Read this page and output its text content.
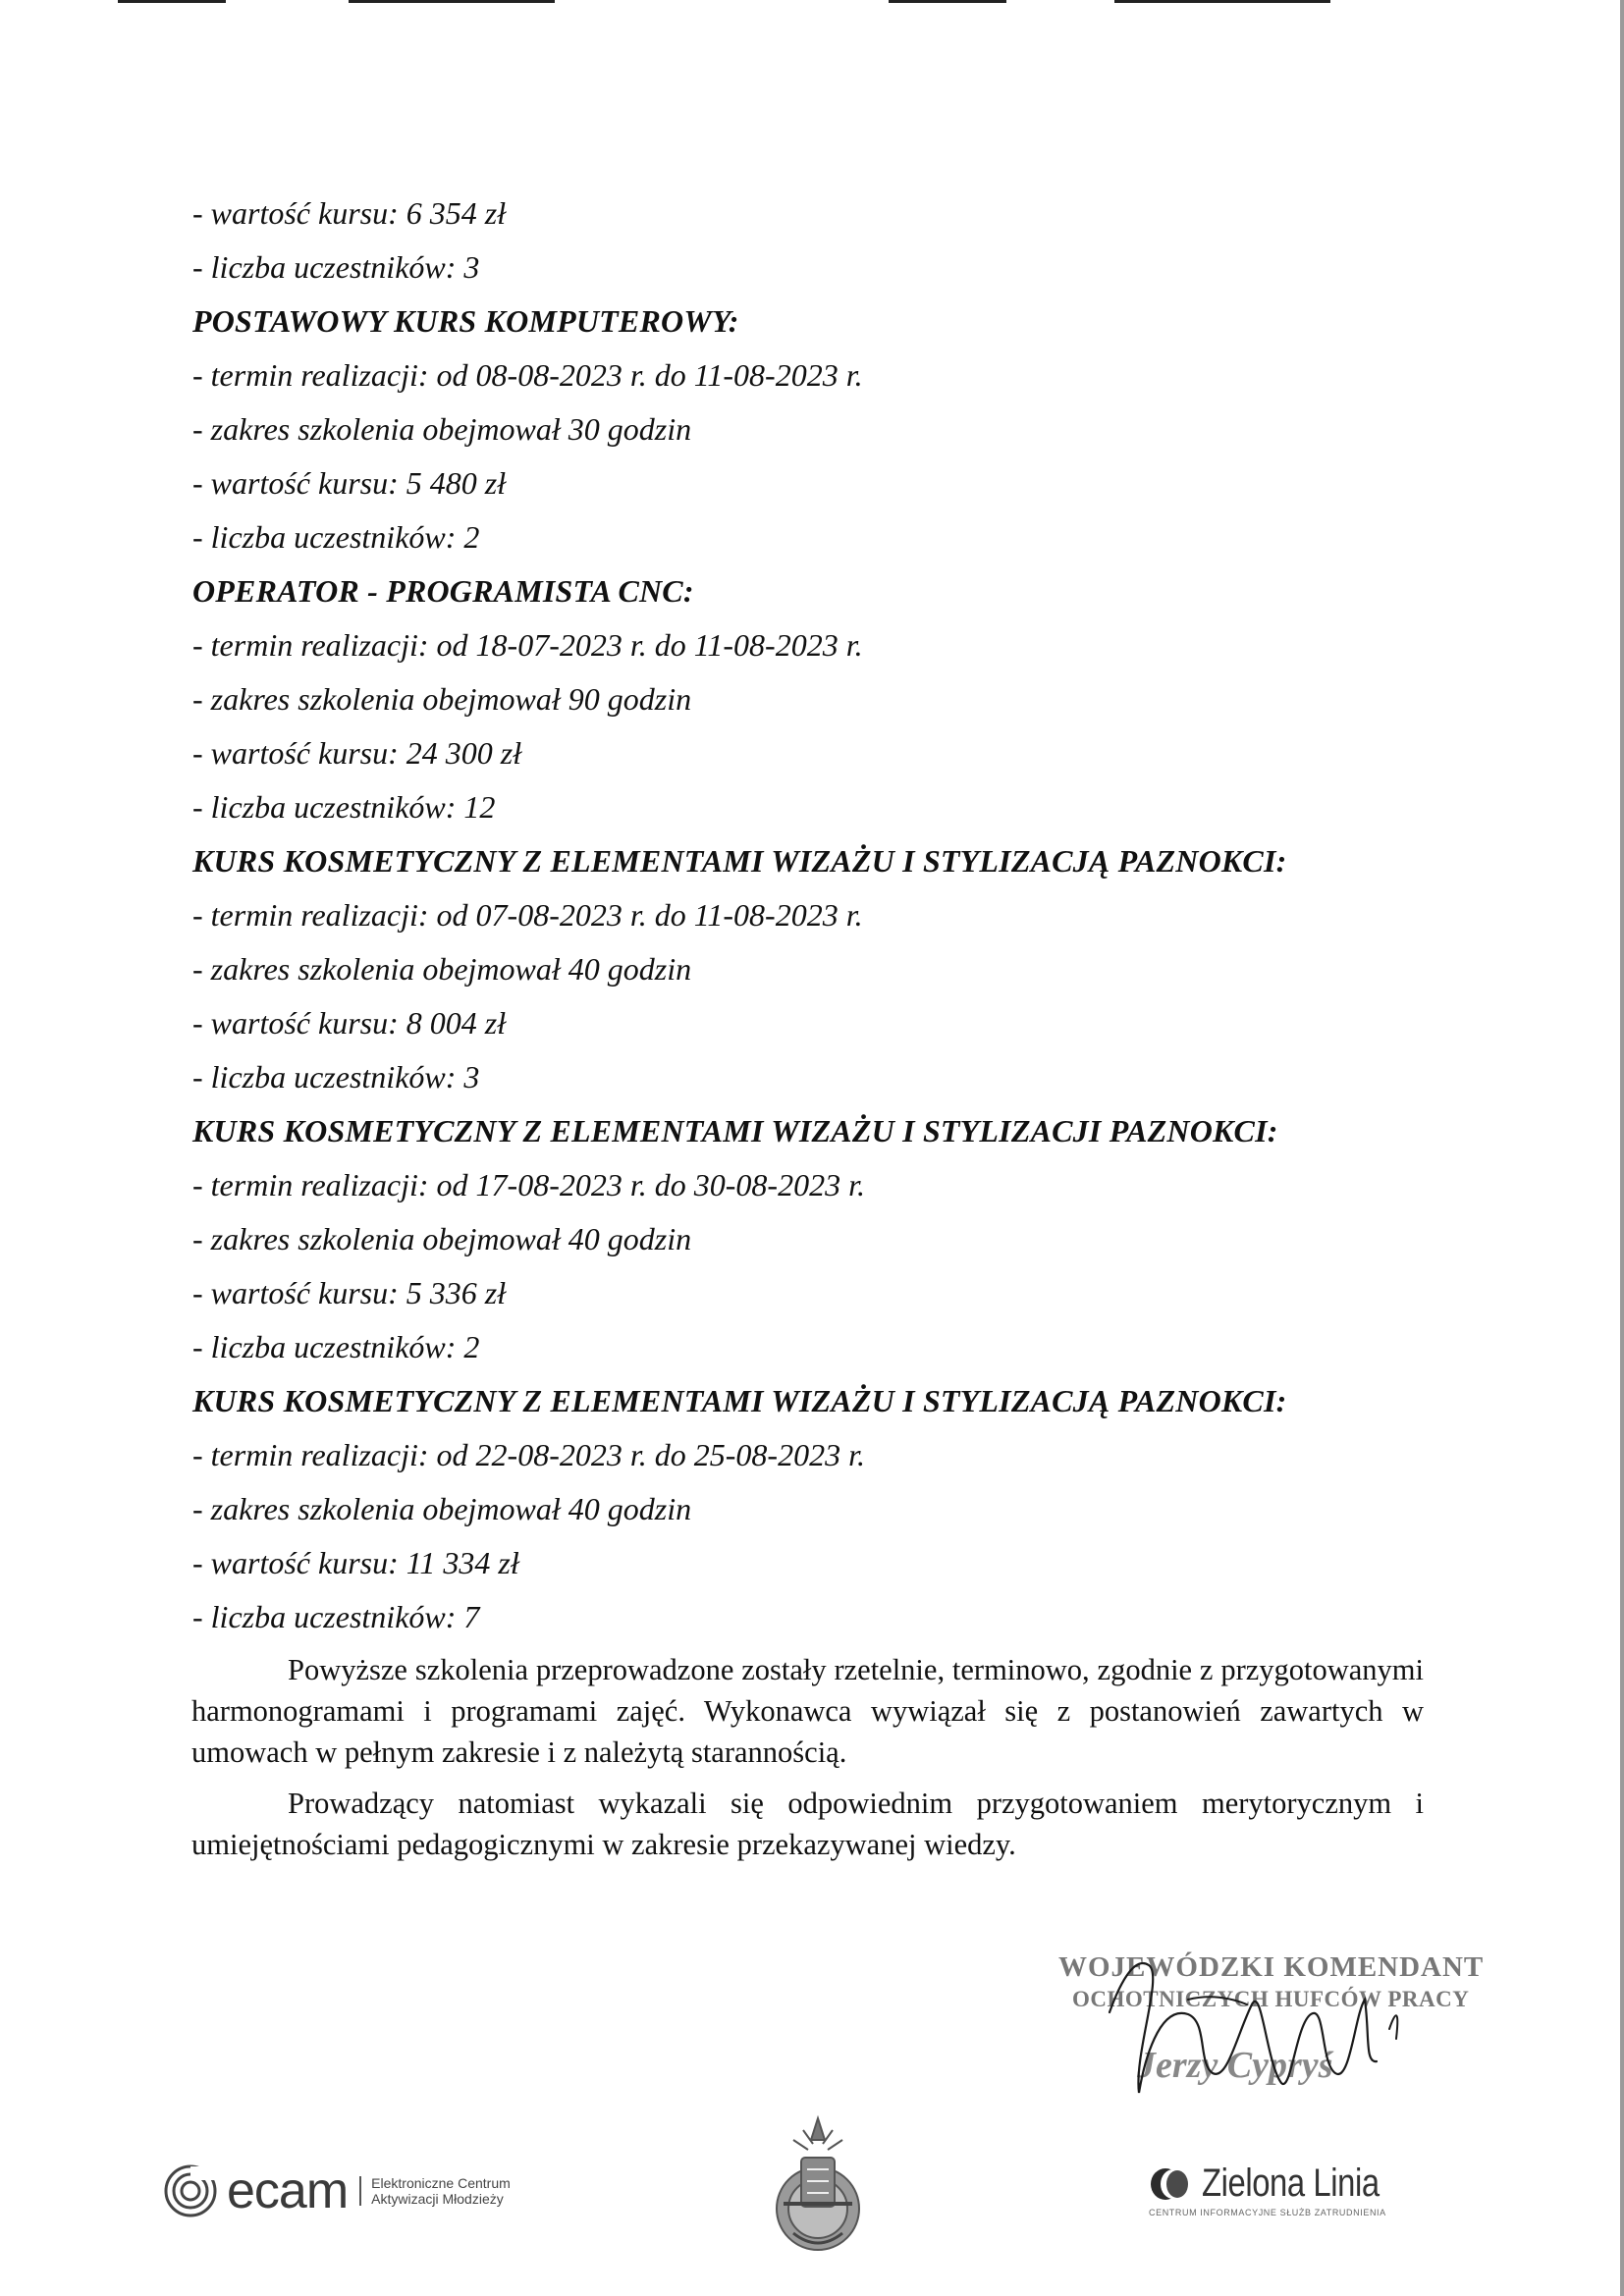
- wartość kursu: 6 354 zł
- liczba uczestników: 3
POSTAWOWY KURS KOMPUTEROWY:
- termin realizacji: od 08-08-2023 r. do 11-08-2023 r.
- zakres szkolenia obejmował 30 godzin
- wartość kursu: 5 480 zł
- liczba uczestników: 2
OPERATOR - PROGRAMISTA CNC:
- termin realizacji: od 18-07-2023 r. do 11-08-2023 r.
- zakres szkolenia obejmował 90 godzin
- wartość kursu: 24 300 zł
- liczba uczestników: 12
KURS KOSMETYCZNY Z ELEMENTAMI WIZAŻU I STYLIZACJĄ PAZNOKCI:
- termin realizacji: od 07-08-2023 r. do 11-08-2023 r.
- zakres szkolenia obejmował 40 godzin
- wartość kursu: 8 004 zł
- liczba uczestników: 3
KURS KOSMETYCZNY Z ELEMENTAMI WIZAŻU I STYLIZACJI PAZNOKCI:
- termin realizacji: od 17-08-2023 r. do 30-08-2023 r.
- zakres szkolenia obejmował 40 godzin
- wartość kursu: 5 336 zł
- liczba uczestników: 2
KURS KOSMETYCZNY Z ELEMENTAMI WIZAŻU I STYLIZACJĄ PAZNOKCI:
- termin realizacji: od 22-08-2023 r. do 25-08-2023 r.
- zakres szkolenia obejmował 40 godzin
- wartość kursu: 11 334 zł
- liczba uczestników: 7

Powyższe szkolenia przeprowadzone zostały rzetelnie, terminowo, zgodnie z przygotowanymi harmonogramami i programami zajęć. Wykonawca wywiązał się z postanowień zawartych w umowach w pełnym zakresie i z należytą starannością.

Prowadzący natomiast wykazali się odpowiednim przygotowaniem merytorycznym i umiejętnościami pedagogicznymi w zakresie przekazywanej wiedzy.

WOJEWÓDZKI KOMENDANT
OCHOTNICZYCH HUFCÓW PRACY
Jerzy Cypryś
ecam Elektroniczne Centrum
Aktywizacji Młodzieży	Zielona Linia
CENTRUM INFORMACYJNE SŁUŻB ZATRUDNIENIA
